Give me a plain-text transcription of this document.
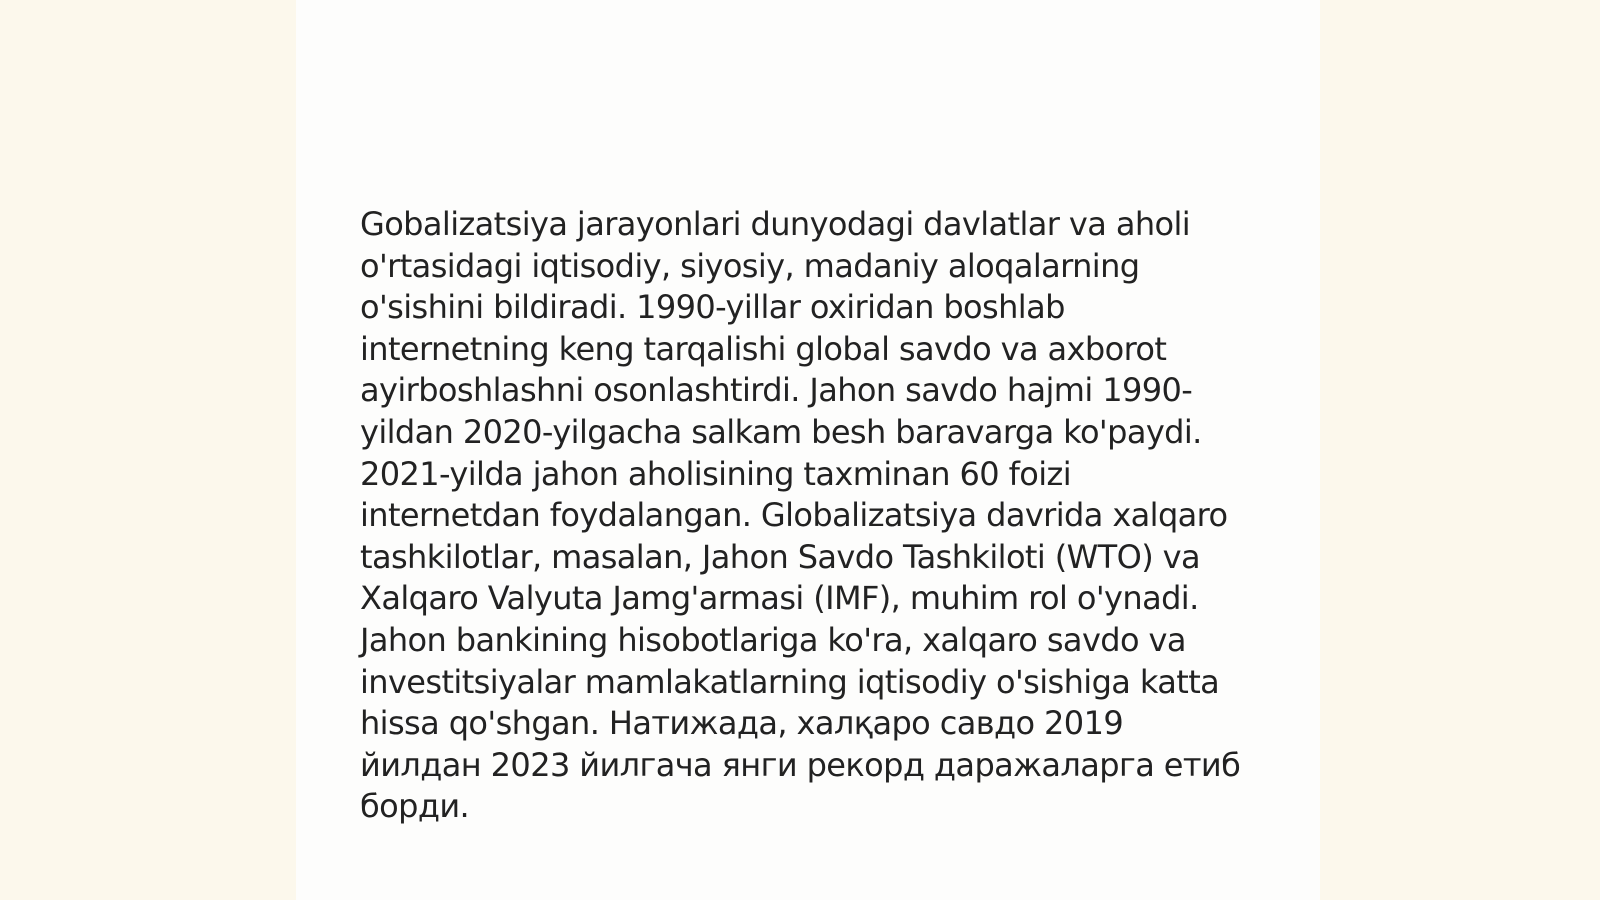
Gobalizatsiya jarayonlari dunyodagi davlatlar va aholi o'rtasidagi iqtisodiy, siyosiy, madaniy aloqalarning o'sishini bildiradi. 1990-yillar oxiridan boshlab internetning keng tarqalishi global savdo va axborot ayirboshlashni osonlashtirdi. Jahon savdo hajmi 1990-yildan 2020-yilgacha salkam besh baravarga ko'paydi. 2021-yilda jahon aholisining taxminan 60 foizi internetdan foydalangan. Globalizatsiya davrida xalqaro tashkilotlar, masalan, Jahon Savdo Tashkiloti (WTO) va Xalqaro Valyuta Jamg'armasi (IMF), muhim rol o'ynadi. Jahon bankining hisobotlariga ko'ra, xalqaro savdo va investitsiyalar mamlakatlarning iqtisodiy o'sishiga katta hissa qo'shgan. Натижада, халқаро савдо 2019 йилдан 2023 йилгача янги рекорд даражаларга етиб борди.
